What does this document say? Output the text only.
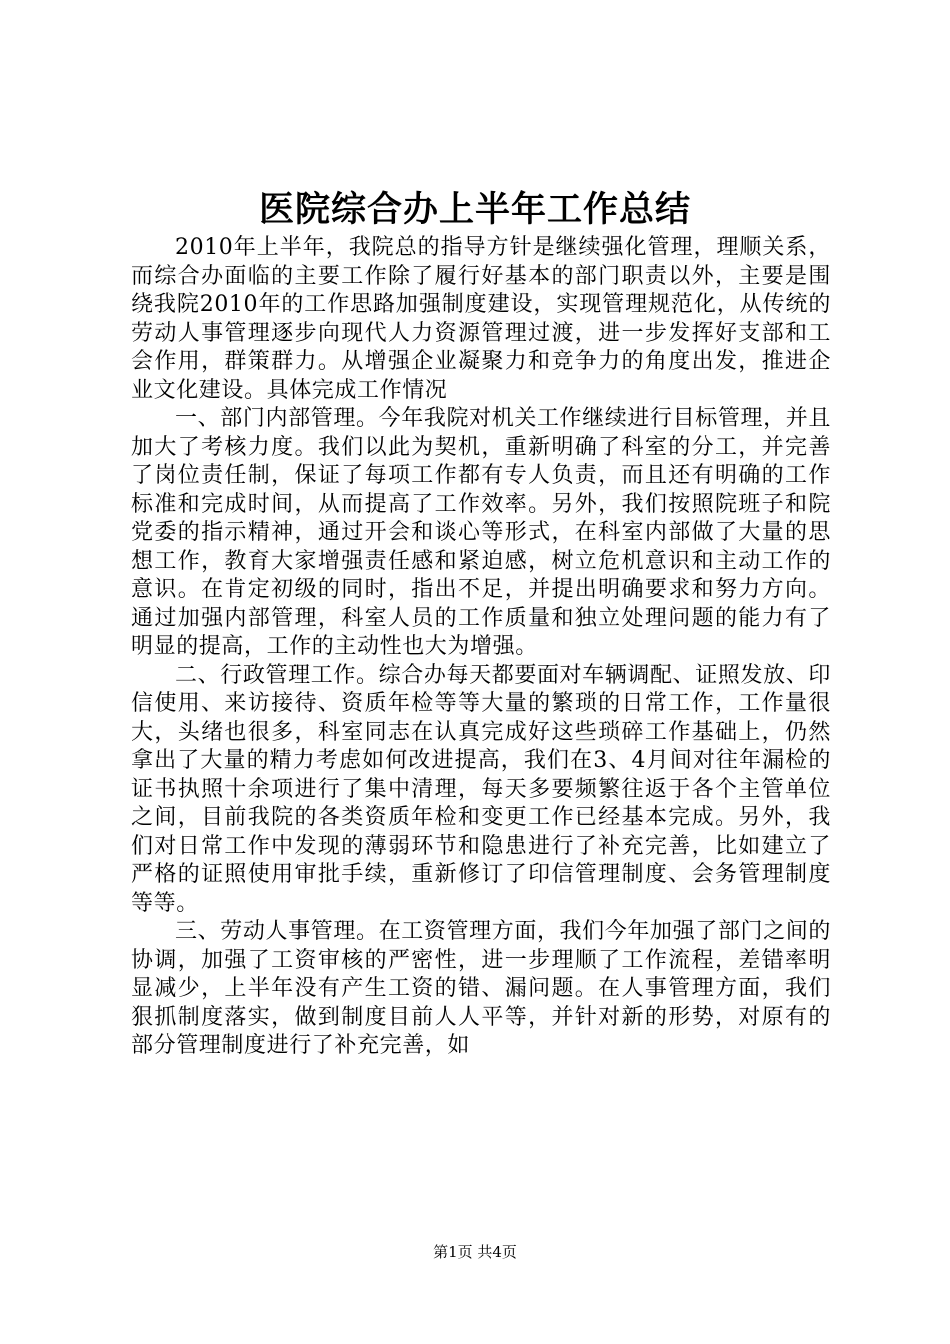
医院综合办上半年工作总结

2010年上半年，我院总的指导方针是继续强化管理，理顺关系，而综合办面临的主要工作除了履行好基本的部门职责以外，主要是围绕我院2010年的工作思路加强制度建设，实现管理规范化，从传统的劳动人事管理逐步向现代人力资源管理过渡，进一步发挥好支部和工会作用，群策群力。从增强企业凝聚力和竞争力的角度出发，推进企业文化建设。具体完成工作情况

一、部门内部管理。今年我院对机关工作继续进行目标管理，并且加大了考核力度。我们以此为契机，重新明确了科室的分工，并完善了岗位责任制，保证了每项工作都有专人负责，而且还有明确的工作标准和完成时间，从而提高了工作效率。另外，我们按照院班子和院党委的指示精神，通过开会和谈心等形式，在科室内部做了大量的思想工作，教育大家增强责任感和紧迫感，树立危机意识和主动工作的意识。在肯定初级的同时，指出不足，并提出明确要求和努力方向。通过加强内部管理，科室人员的工作质量和独立处理问题的能力有了明显的提高，工作的主动性也大为增强。

二、行政管理工作。综合办每天都要面对车辆调配、证照发放、印信使用、来访接待、资质年检等等大量的繁琐的日常工作，工作量很大，头绪也很多，科室同志在认真完成好这些琐碎工作基础上，仍然拿出了大量的精力考虑如何改进提高，我们在3、4月间对往年漏检的证书执照十余项进行了集中清理，每天多要频繁往返于各个主管单位之间，目前我院的各类资质年检和变更工作已经基本完成。另外，我们对日常工作中发现的薄弱环节和隐患进行了补充完善，比如建立了严格的证照使用审批手续，重新修订了印信管理制度、会务管理制度等等。

三、劳动人事管理。在工资管理方面，我们今年加强了部门之间的协调，加强了工资审核的严密性，进一步理顺了工作流程，差错率明显减少，上半年没有产生工资的错、漏问题。在人事管理方面，我们狠抓制度落实，做到制度目前人人平等，并针对新的形势，对原有的部分管理制度进行了补充完善，如

第1页 共4页
